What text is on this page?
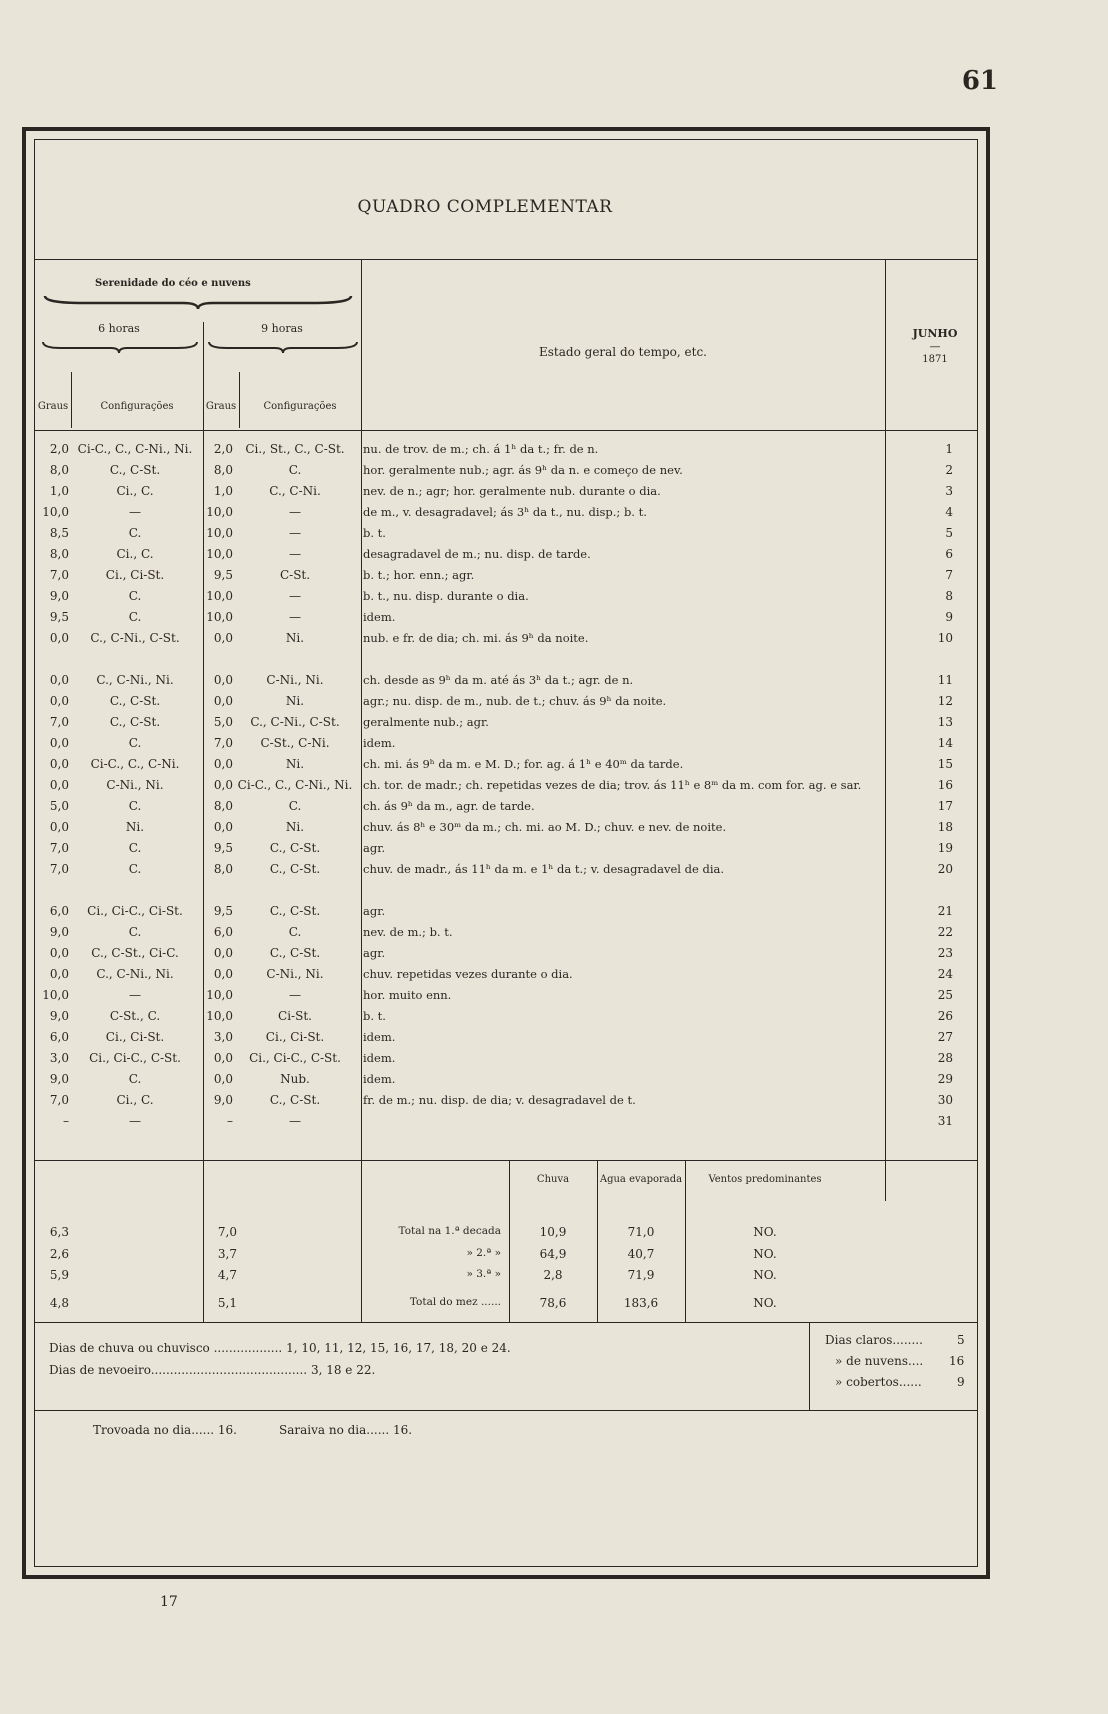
61
QUADRO COMPLEMENTAR
Serenidade do céo e nuvens
6 horas	9 horas
Graus	Configurações	Graus	Configurações
Estado geral do tempo, etc.
JUNHO
—
1871
2,0	Ci-C., C., C-Ni., Ni.	2,0	Ci., St., C., C-St.	nu. de trov. de m.; ch. á 1ʰ da t.; fr. de n.	1
8,0	C., C-St.	8,0	C.	hor. geralmente nub.; agr. ás 9ʰ da n. e começo de nev.	2
1,0	Ci., C.	1,0	C., C-Ni.	nev. de n.; agr; hor. geralmente nub. durante o dia.	3
10,0	—	10,0	—	de m., v. desagradavel; ás 3ʰ da t., nu. disp.; b. t.	4
8,5	C.	10,0	—	b. t.	5
8,0	Ci., C.	10,0	—	desagradavel de m.; nu. disp. de tarde.	6
7,0	Ci., Ci-St.	9,5	C-St.	b. t.; hor. enn.; agr.	7
9,0	C.	10,0	—	b. t., nu. disp. durante o dia.	8
9,5	C.	10,0	—	idem.	9
0,0	C., C-Ni., C-St.	0,0	Ni.	nub. e fr. de dia; ch. mi. ás 9ʰ da noite.	10

0,0	C., C-Ni., Ni.	0,0	C-Ni., Ni.	ch. desde as 9ʰ da m. até ás 3ʰ da t.; agr. de n.	11
0,0	C., C-St.	0,0	Ni.	agr.; nu. disp. de m., nub. de t.; chuv. ás 9ʰ da noite.	12
7,0	C., C-St.	5,0	C., C-Ni., C-St.	geralmente nub.; agr.	13
0,0	C.	7,0	C-St., C-Ni.	idem.	14
0,0	Ci-C., C., C-Ni.	0,0	Ni.	ch. mi. ás 9ʰ da m. e M. D.; for. ag. á 1ʰ e 40ᵐ da tarde.	15
0,0	C-Ni., Ni.	0,0	Ci-C., C., C-Ni., Ni.	ch. tor. de madr.; ch. repetidas vezes de dia; trov. ás 11ʰ e 8ᵐ da m. com for. ag. e sar.	16
5,0	C.	8,0	C.	ch. ás 9ʰ da m., agr. de tarde.	17
0,0	Ni.	0,0	Ni.	chuv. ás 8ʰ e 30ᵐ da m.; ch. mi. ao M. D.; chuv. e nev. de noite.	18
7,0	C.	9,5	C., C-St.	agr.	19
7,0	C.	8,0	C., C-St.	chuv. de madr., ás 11ʰ da m. e 1ʰ da t.; v. desagradavel de dia.	20

6,0	Ci., Ci-C., Ci-St.	9,5	C., C-St.	agr.	21
9,0	C.	6,0	C.	nev. de m.; b. t.	22
0,0	C., C-St., Ci-C.	0,0	C., C-St.	agr.	23
0,0	C., C-Ni., Ni.	0,0	C-Ni., Ni.	chuv. repetidas vezes durante o dia.	24
10,0	—	10,0	—	hor. muito enn.	25
9,0	C-St., C.	10,0	Ci-St.	b. t.	26
6,0	Ci., Ci-St.	3,0	Ci., Ci-St.	idem.	27
3,0	Ci., Ci-C., C-St.	0,0	Ci., Ci-C., C-St.	idem.	28
9,0	C.	0,0	Nub.	idem.	29
7,0	Ci., C.	9,0	C., C-St.	fr. de m.; nu. disp. de dia; v. desagradavel de t.	30
–	—	–	—		31
Chuva	Agua evaporada	Ventos predominantes
6,3	7,0	Total na 1.ª decada	10,9	71,0	NO.
2,6	3,7	» 2.ª »	64,9	40,7	NO.
5,9	4,7	» 3.ª »	2,8	71,9	NO.
4,8	5,1	Total do mez ......	78,6	183,6	NO.
Dias de chuva ou chuvisco .................. 1, 10, 11, 12, 15, 16, 17, 18, 20 e 24.
Dias de nevoeiro......................................... 3, 18 e 22.
Dias claros........	5
» de nuvens.... 16
» cobertos......	9
Trovoada no dia...... 16.	Saraiva no dia...... 16.
17
